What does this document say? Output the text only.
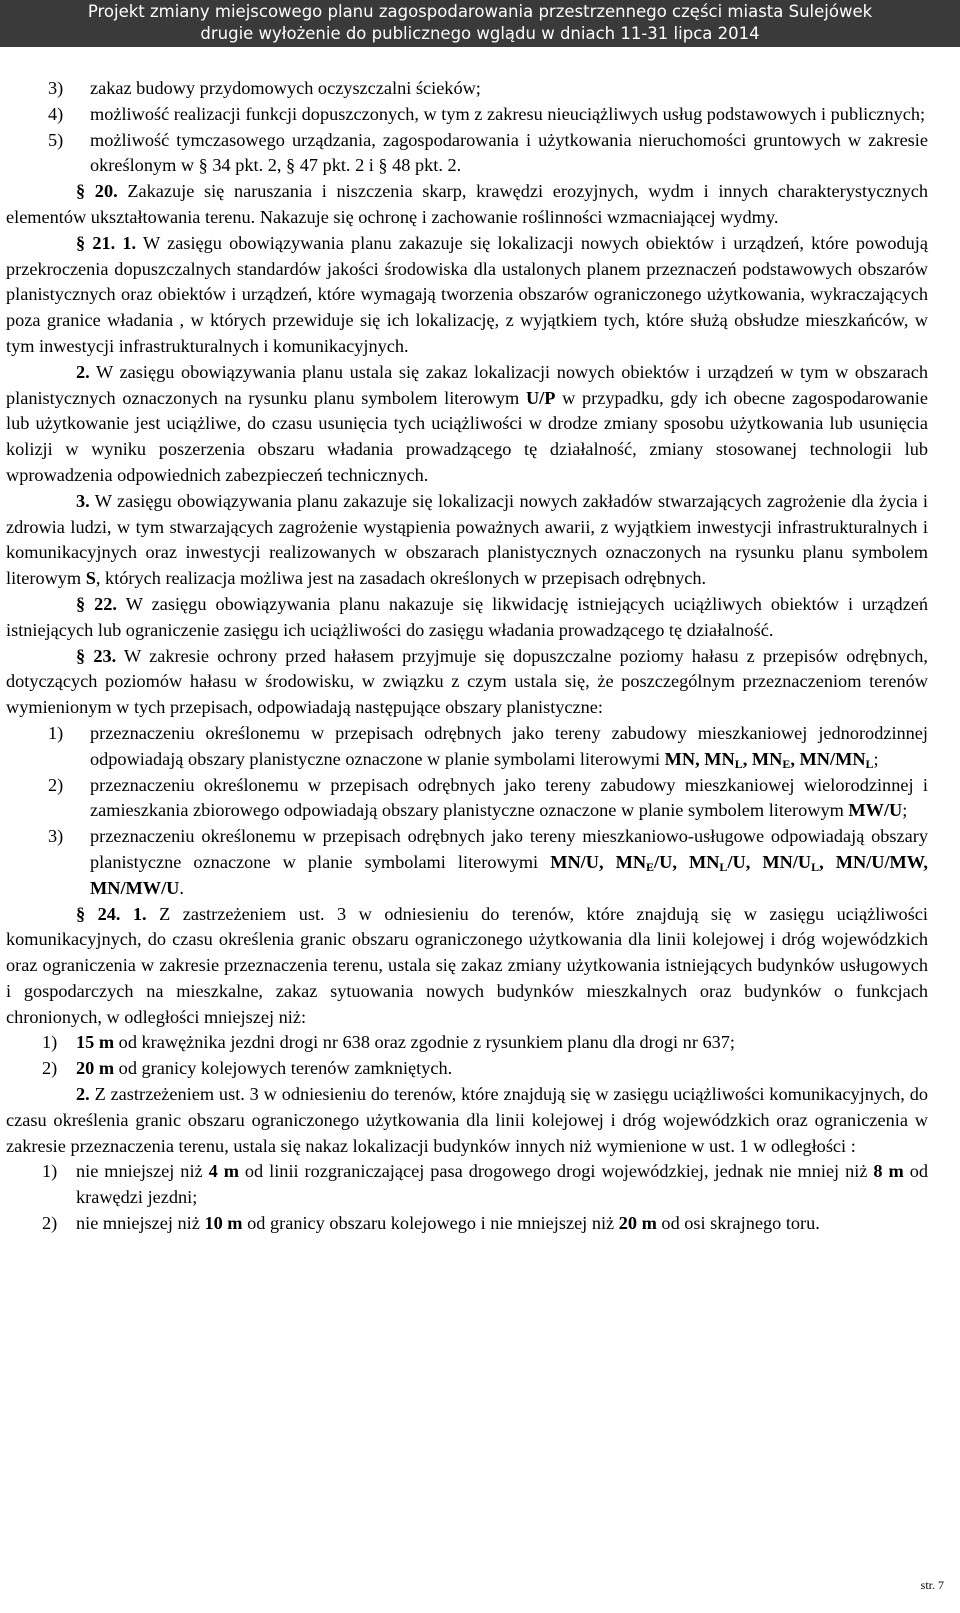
Projekt zmiany miejscowego planu zagospodarowania przestrzennego części miasta Sulejówek
drugie wyłożenie do publicznego wglądu w dniach 11-31 lipca 2014
3) zakaz budowy przydomowych oczyszczalni ścieków;
4) możliwość realizacji funkcji dopuszczonych, w tym z zakresu nieuciążliwych usług podstawowych i publicznych;
5) możliwość tymczasowego urządzania, zagospodarowania i użytkowania nieruchomości gruntowych w zakresie określonym w § 34 pkt. 2, § 47 pkt. 2 i § 48 pkt. 2.

§ 20. Zakazuje się naruszania i niszczenia skarp, krawędzi erozyjnych, wydm i innych charakterystycznych elementów ukształtowania terenu. Nakazuje się ochronę i zachowanie roślinności wzmacniającej wydmy.

§ 21. 1. W zasięgu obowiązywania planu zakazuje się lokalizacji nowych obiektów i urządzeń, które powodują przekroczenia dopuszczalnych standardów jakości środowiska dla ustalonych planem przeznaczeń podstawowych obszarów planistycznych oraz obiektów i urządzeń, które wymagają tworzenia obszarów ograniczonego użytkowania, wykraczających poza granice władania , w których przewiduje się ich lokalizację, z wyjątkiem tych, które służą obsłudze mieszkańców, w tym inwestycji infrastrukturalnych i komunikacyjnych.

2. W zasięgu obowiązywania planu ustala się zakaz lokalizacji nowych obiektów i urządzeń w tym w obszarach planistycznych oznaczonych na rysunku planu symbolem literowym U/P w przypadku, gdy ich obecne zagospodarowanie lub użytkowanie jest uciążliwe, do czasu usunięcia tych uciążliwości w drodze zmiany sposobu użytkowania lub usunięcia kolizji w wyniku poszerzenia obszaru władania prowadzącego tę działalność, zmiany stosowanej technologii lub wprowadzenia odpowiednich zabezpieczeń technicznych.

3. W zasięgu obowiązywania planu zakazuje się lokalizacji nowych zakładów stwarzających zagrożenie dla życia i zdrowia ludzi, w tym stwarzających zagrożenie wystąpienia poważnych awarii, z wyjątkiem inwestycji infrastrukturalnych i komunikacyjnych oraz inwestycji realizowanych w obszarach planistycznych oznaczonych na rysunku planu symbolem literowym S, których realizacja możliwa jest na zasadach określonych w przepisach odrębnych.

§ 22. W zasięgu obowiązywania planu nakazuje się likwidację istniejących uciążliwych obiektów i urządzeń istniejących lub ograniczenie zasięgu ich uciążliwości do zasięgu władania prowadzącego tę działalność.

§ 23. W zakresie ochrony przed hałasem przyjmuje się dopuszczalne poziomy hałasu z przepisów odrębnych, dotyczących poziomów hałasu w środowisku, w związku z czym ustala się, że poszczególnym przeznaczeniom terenów wymienionym w tych przepisach, odpowiadają następujące obszary planistyczne:

1) przeznaczeniu określonemu w przepisach odrębnych jako tereny zabudowy mieszkaniowej jednorodzinnej odpowiadają obszary planistyczne oznaczone w planie symbolami literowymi MN, $MN_L$, $MN_E$, $MN/MN_L$;
2) przeznaczeniu określonemu w przepisach odrębnych jako tereny zabudowy mieszkaniowej wielorodzinnej i zamieszkania zbiorowego odpowiadają obszary planistyczne oznaczone w planie symbolem literowym MW/U;
3) przeznaczeniu określonemu w przepisach odrębnych jako tereny mieszkaniowo-usługowe odpowiadają obszary planistyczne oznaczone w planie symbolami literowymi MN/U, $MN_E/U$, $MN_L/U$, $MN/U_L$, MN/U/MW, MN/MW/U.

§ 24. 1. Z zastrzeżeniem ust. 3 w odniesieniu do terenów, które znajdują się w zasięgu uciążliwości komunikacyjnych, do czasu określenia granic obszaru ograniczonego użytkowania dla linii kolejowej i dróg wojewódzkich oraz ograniczenia w zakresie przeznaczenia terenu, ustala się zakaz zmiany użytkowania istniejących budynków usługowych i gospodarczych na mieszkalne, zakaz sytuowania nowych budynków mieszkalnych oraz budynków o funkcjach chronionych, w odległości mniejszej niż:

1) 15 m od krawężnika jezdni drogi nr 638 oraz zgodnie z rysunkiem planu dla drogi nr 637;
2) 20 m od granicy kolejowych terenów zamkniętych.

2. Z zastrzeżeniem ust. 3 w odniesieniu do terenów, które znajdują się w zasięgu uciążliwości komunikacyjnych, do czasu określenia granic obszaru ograniczonego użytkowania dla linii kolejowej i dróg wojewódzkich oraz ograniczenia w zakresie przeznaczenia terenu, ustala się nakaz lokalizacji budynków innych niż wymienione w ust. 1 w odległości :

1) nie mniejszej niż 4 m od linii rozgraniczającej pasa drogowego drogi wojewódzkiej, jednak nie mniej niż 8 m od krawędzi jezdni;
2) nie mniejszej niż 10 m od granicy obszaru kolejowego i nie mniejszej niż 20 m od osi skrajnego toru.
str. 7
